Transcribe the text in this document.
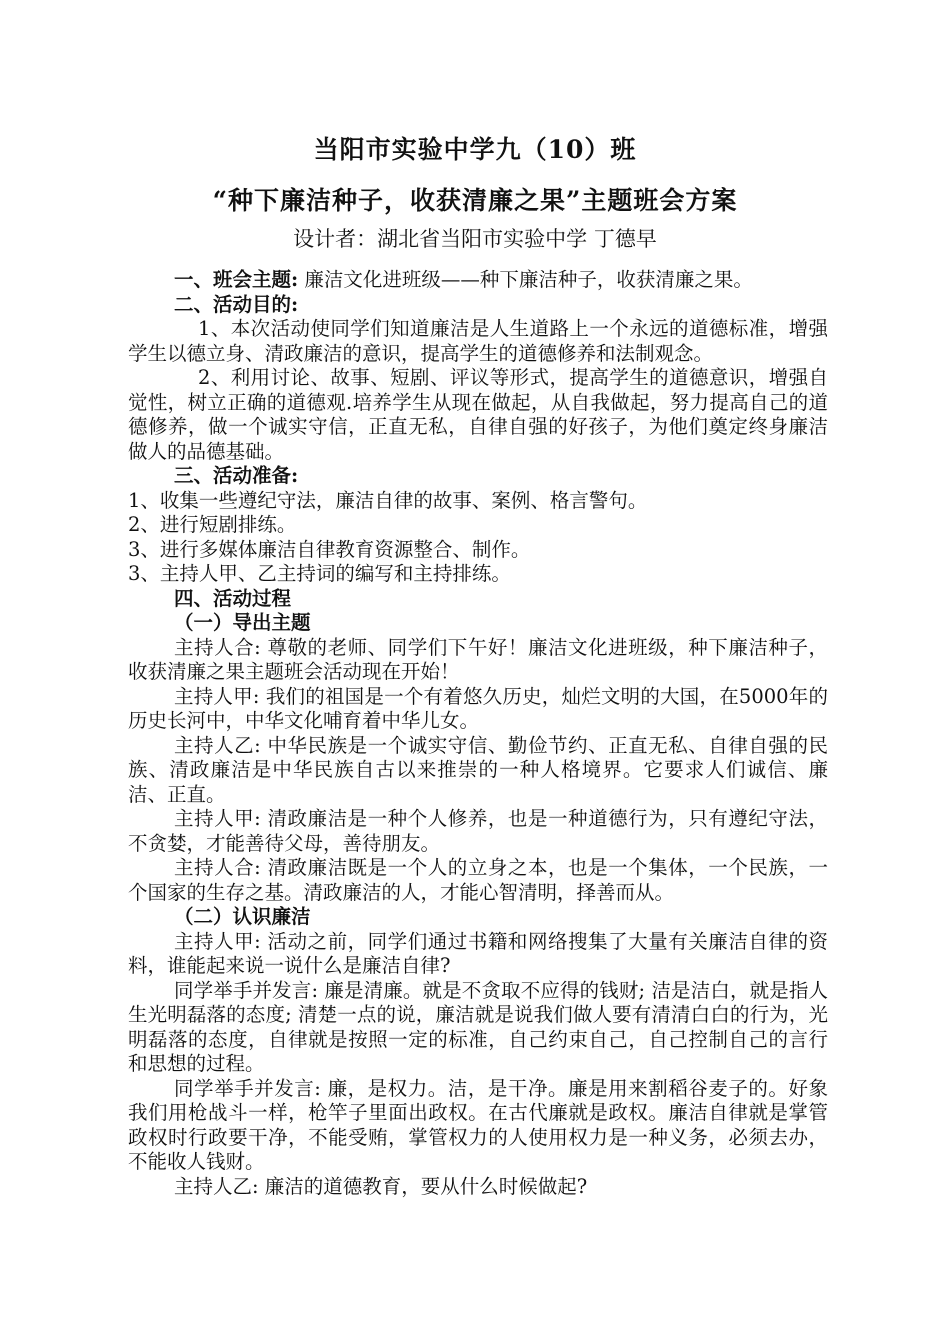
当阳市实验中学九（10）班
“种下廉洁种子，收获清廉之果”主题班会方案
设计者：湖北省当阳市实验中学 丁德早

一、班会主题: 廉洁文化进班级——种下廉洁种子，收获清廉之果。

二、活动目的:

1、本次活动使同学们知道廉洁是人生道路上一个永远的道德标准，增强学生以德立身、清政廉洁的意识，提高学生的道德修养和法制观念。

2、利用讨论、故事、短剧、评议等形式，提高学生的道德意识，增强自觉性，树立正确的道德观.培养学生从现在做起，从自我做起，努力提高自己的道德修养，做一个诚实守信，正直无私，自律自强的好孩子，为他们奠定终身廉洁做人的品德基础。

三、活动准备:

1、收集一些遵纪守法，廉洁自律的故事、案例、格言警句。

2、进行短剧排练。

3、进行多媒体廉洁自律教育资源整合、制作。

3、主持人甲、乙主持词的编写和主持排练。

四、活动过程

（一）导出主题

主持人合: 尊敬的老师、同学们下午好！廉洁文化进班级，种下廉洁种子，收获清廉之果主题班会活动现在开始！

主持人甲: 我们的祖国是一个有着悠久历史，灿烂文明的大国，在5000年的历史长河中，中华文化哺育着中华儿女。

主持人乙: 中华民族是一个诚实守信、勤俭节约、正直无私、自律自强的民族、清政廉洁是中华民族自古以来推崇的一种人格境界。它要求人们诚信、廉洁、正直。

主持人甲: 清政廉洁是一种个人修养，也是一种道德行为，只有遵纪守法，不贪婪，才能善待父母，善待朋友。

主持人合: 清政廉洁既是一个人的立身之本，也是一个集体，一个民族，一个国家的生存之基。清政廉洁的人，才能心智清明，择善而从。

（二）认识廉洁

主持人甲: 活动之前，同学们通过书籍和网络搜集了大量有关廉洁自律的资料，谁能起来说一说什么是廉洁自律?

同学举手并发言: 廉是清廉。就是不贪取不应得的钱财; 洁是洁白，就是指人生光明磊落的态度; 清楚一点的说，廉洁就是说我们做人要有清清白白的行为，光明磊落的态度，自律就是按照一定的标准，自己约束自己，自己控制自己的言行和思想的过程。

同学举手并发言: 廉，是权力。洁，是干净。廉是用来割稻谷麦子的。好象我们用枪战斗一样，枪竿子里面出政权。在古代廉就是政权。廉洁自律就是掌管政权时行政要干净，不能受贿，掌管权力的人使用权力是一种义务，必须去办，不能收人钱财。

主持人乙: 廉洁的道德教育，要从什么时候做起?
